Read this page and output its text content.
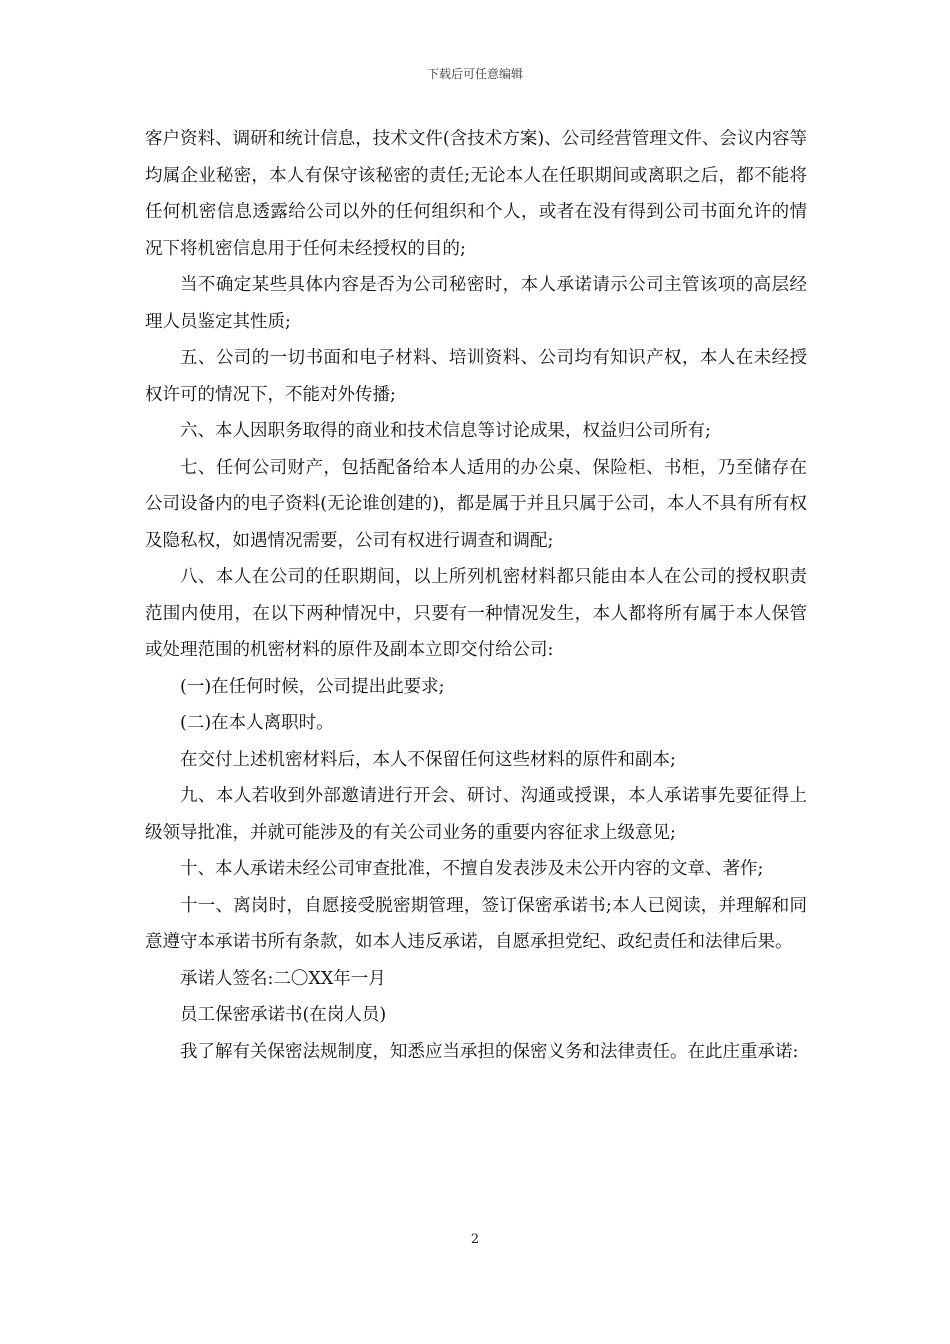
下载后可任意编辑

客户资料、调研和统计信息，技术文件(含技术方案)、公司经营管理文件、会议内容等均属企业秘密，本人有保守该秘密的责任;无论本人在任职期间或离职之后，都不能将任何机密信息透露给公司以外的任何组织和个人，或者在没有得到公司书面允许的情况下将机密信息用于任何未经授权的目的;

当不确定某些具体内容是否为公司秘密时，本人承诺请示公司主管该项的高层经理人员鉴定其性质;

五、公司的一切书面和电子材料、培训资料、公司均有知识产权，本人在未经授权许可的情况下，不能对外传播;

六、本人因职务取得的商业和技术信息等讨论成果，权益归公司所有;

七、任何公司财产，包括配备给本人适用的办公桌、保险柜、书柜，乃至储存在公司设备内的电子资料(无论谁创建的)，都是属于并且只属于公司，本人不具有所有权及隐私权，如遇情况需要，公司有权进行调查和调配;

八、本人在公司的任职期间，以上所列机密材料都只能由本人在公司的授权职责范围内使用，在以下两种情况中，只要有一种情况发生，本人都将所有属于本人保管或处理范围的机密材料的原件及副本立即交付给公司:

(一)在任何时候，公司提出此要求;

(二)在本人离职时。

在交付上述机密材料后，本人不保留任何这些材料的原件和副本;

九、本人若收到外部邀请进行开会、研讨、沟通或授课，本人承诺事先要征得上级领导批准，并就可能涉及的有关公司业务的重要内容征求上级意见;

十、本人承诺未经公司审查批准，不擅自发表涉及未公开内容的文章、著作;

十一、离岗时，自愿接受脱密期管理，签订保密承诺书;本人已阅读，并理解和同意遵守本承诺书所有条款，如本人违反承诺，自愿承担党纪、政纪责任和法律后果。

承诺人签名:二〇XX年一月

员工保密承诺书(在岗人员)

我了解有关保密法规制度，知悉应当承担的保密义务和法律责任。在此庄重承诺:

2
